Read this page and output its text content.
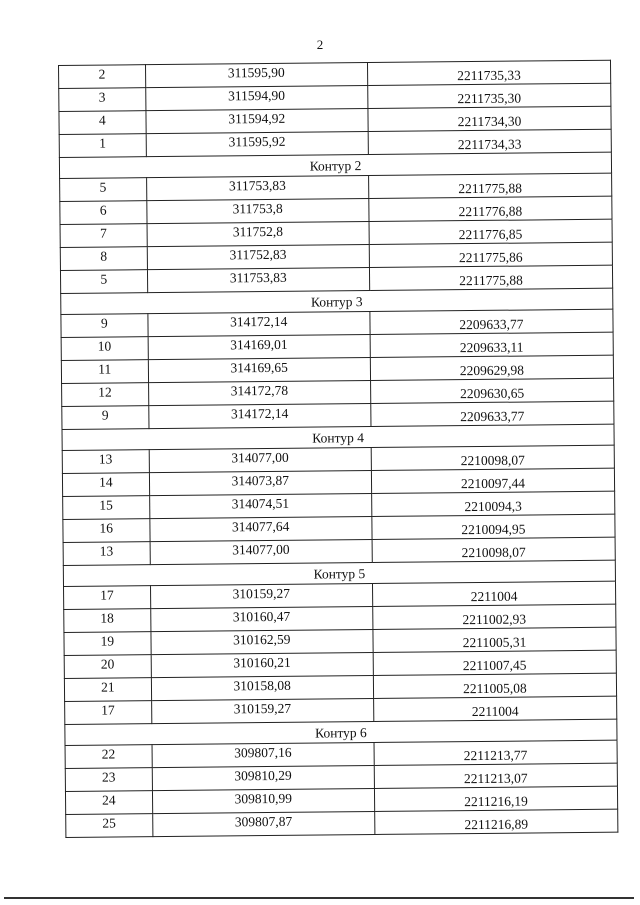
2
2	311595,90	2211735,33
3	311594,90	2211735,30
4	311594,92	2211734,30
1	311595,92	2211734,33
Контур 2		
5	311753,83	2211775,88
6	311753,8	2211776,88
7	311752,8	2211776,85
8	311752,83	2211775,86
5	311753,83	2211775,88
Контур 3		
9	314172,14	2209633,77
10	314169,01	2209633,11
11	314169,65	2209629,98
12	314172,78	2209630,65
9	314172,14	2209633,77
Контур 4		
13	314077,00	2210098,07
14	314073,87	2210097,44
15	314074,51	2210094,3
16	314077,64	2210094,95
13	314077,00	2210098,07
Контур 5		
17	310159,27	2211004
18	310160,47	2211002,93
19	310162,59	2211005,31
20	310160,21	2211007,45
21	310158,08	2211005,08
17	310159,27	2211004
Контур 6		
22	309807,16	2211213,77
23	309810,29	2211213,07
24	309810,99	2211216,19
25	309807,87	2211216,89
